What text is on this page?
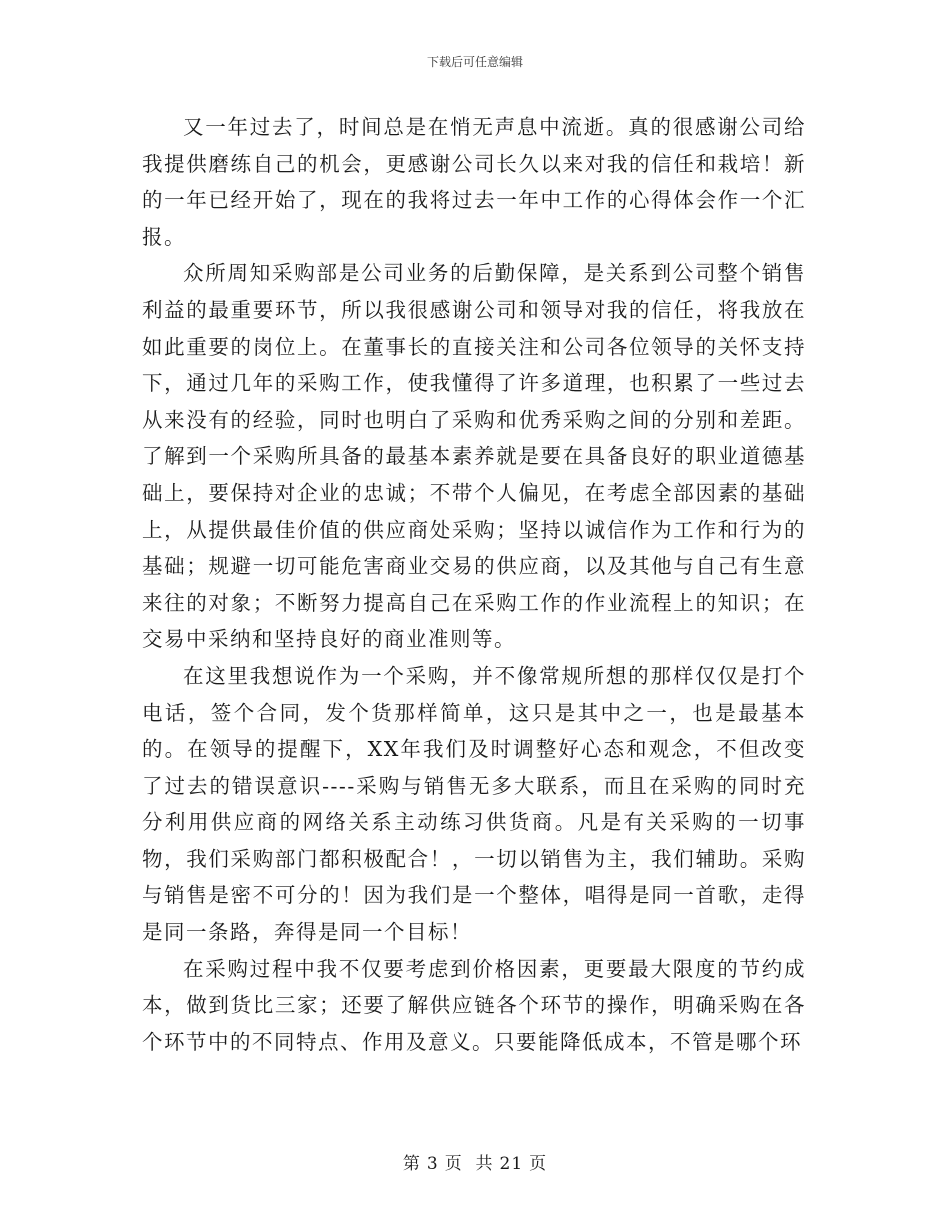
下载后可任意编辑

又一年过去了，时间总是在悄无声息中流逝。真的很感谢公司给我提供磨练自己的机会，更感谢公司长久以来对我的信任和栽培！新的一年已经开始了，现在的我将过去一年中工作的心得体会作一个汇报。

众所周知采购部是公司业务的后勤保障，是关系到公司整个销售利益的最重要环节，所以我很感谢公司和领导对我的信任，将我放在如此重要的岗位上。在董事长的直接关注和公司各位领导的关怀支持下，通过几年的采购工作，使我懂得了许多道理，也积累了一些过去从来没有的经验，同时也明白了采购和优秀采购之间的分别和差距。了解到一个采购所具备的最基本素养就是要在具备良好的职业道德基础上，要保持对企业的忠诚；不带个人偏见，在考虑全部因素的基础上，从提供最佳价值的供应商处采购；坚持以诚信作为工作和行为的基础；规避一切可能危害商业交易的供应商，以及其他与自己有生意来往的对象；不断努力提高自己在采购工作的作业流程上的知识；在交易中采纳和坚持良好的商业准则等。

在这里我想说作为一个采购，并不像常规所想的那样仅仅是打个电话，签个合同，发个货那样简单，这只是其中之一，也是最基本的。在领导的提醒下，XX年我们及时调整好心态和观念，不但改变了过去的错误意识----采购与销售无多大联系，而且在采购的同时充分利用供应商的网络关系主动练习供货商。凡是有关采购的一切事物，我们采购部门都积极配合！，一切以销售为主，我们辅助。采购与销售是密不可分的！因为我们是一个整体，唱得是同一首歌，走得是同一条路，奔得是同一个目标！

在采购过程中我不仅要考虑到价格因素，更要最大限度的节约成本，做到货比三家；还要了解供应链各个环节的操作，明确采购在各个环节中的不同特点、作用及意义。只要能降低成本，不管是哪个环

第 3 页 共 21 页
